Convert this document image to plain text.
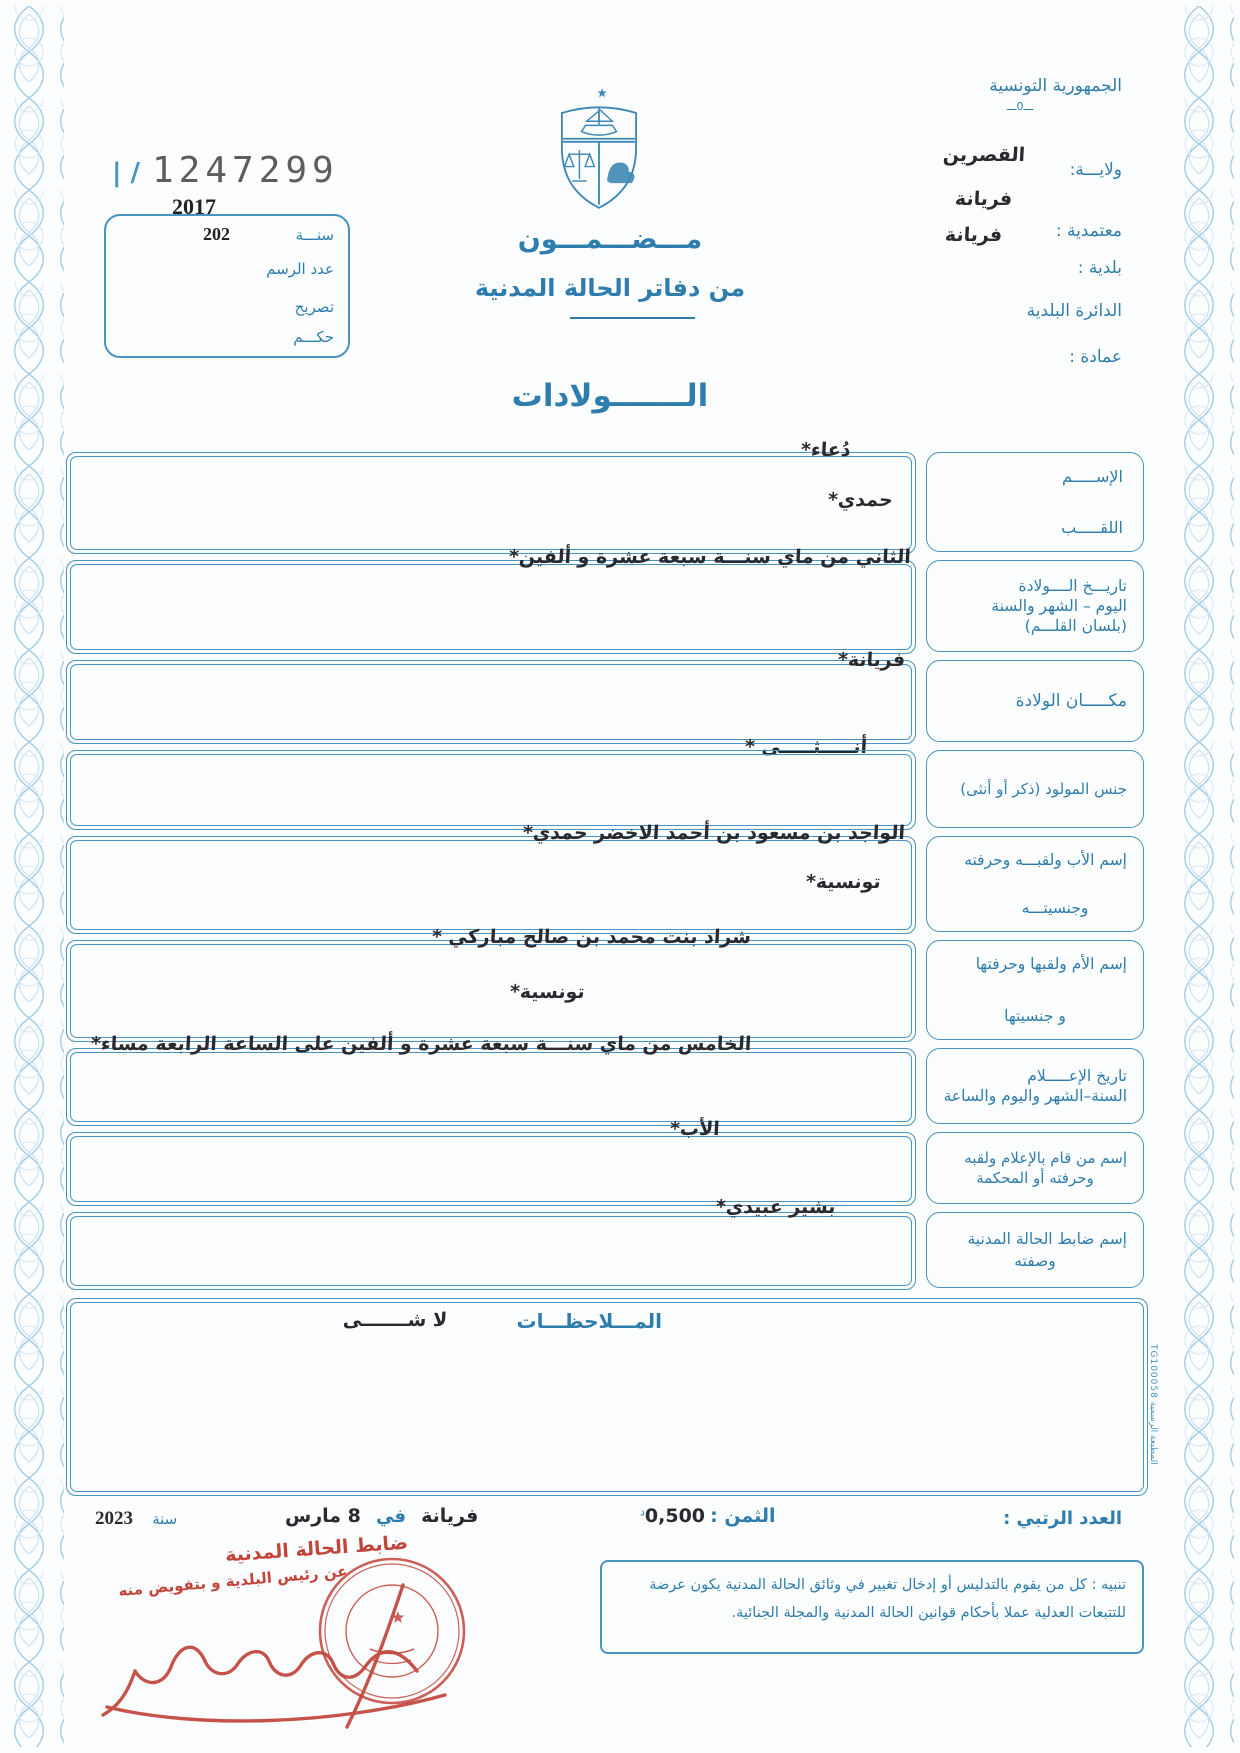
الجمهورية التونسية
ـــ0ـــ
ولايـــة:
القصرين
فريانة
معتمدية :
فريانة
بلدية :
الدائرة البلدية
عمادة :
| / 1247299
2017
سنـــة
202
عدد الرسم
تصريح
حكـــم
مـــضـــمـــون
من دفاتر الحالة المدنية
الـــــــولادات
دُعاء*
حمدي*
الثاني من ماي سنـــة سبعة عشرة و ألفين*
فريانة*
أنـــــثـــــى *
الواجد بن مسعود بن أحمد الاخضر حمدي*
تونسية*
شراد بنت محمد بن صالح مباركي *
تونسية*
الخامس من ماي سنـــة سبعة عشرة و ألفين على الساعة الرابعة مساء*
الأب*
بشير عبيدي*
الإســـــم
اللقـــــب
تاريـــخ الــــولادة
اليوم – الشهر والسنة
(بلسان القلـــم)
مكـــــان الولادة
جنس المولود (ذكر أو أنثى)
إسم الأب ولقبـــه وحرفته
وجنسيتـــه
إسم الأم ولقبها وحرفتها
و جنسيتها
تاريخ الإعـــــلام
السنة–الشهر واليوم والساعة
إسم من قام بالإعلام ولقبه
وحرفته أو المحكمة
إسم ضابط الحالة المدنية
وصفته
المـــلاحظـــات
لا شـــــــى
المطبعة الرسمية TG100058
العدد الرتبي :
الثمن : $0,500^د$
فريانة في 8 مارس
سنة 2023
تنبيه : كل من يقوم بالتدليس أو إدخال تغيير في وثائق الحالة المدنية يكون عرضة للتتبعات العدلية عملا بأحكام قوانين الحالة المدنية والمجلة الجنائية.
ضابط الحالة المدنية
عن رئيس البلدية و بتفويض منه
